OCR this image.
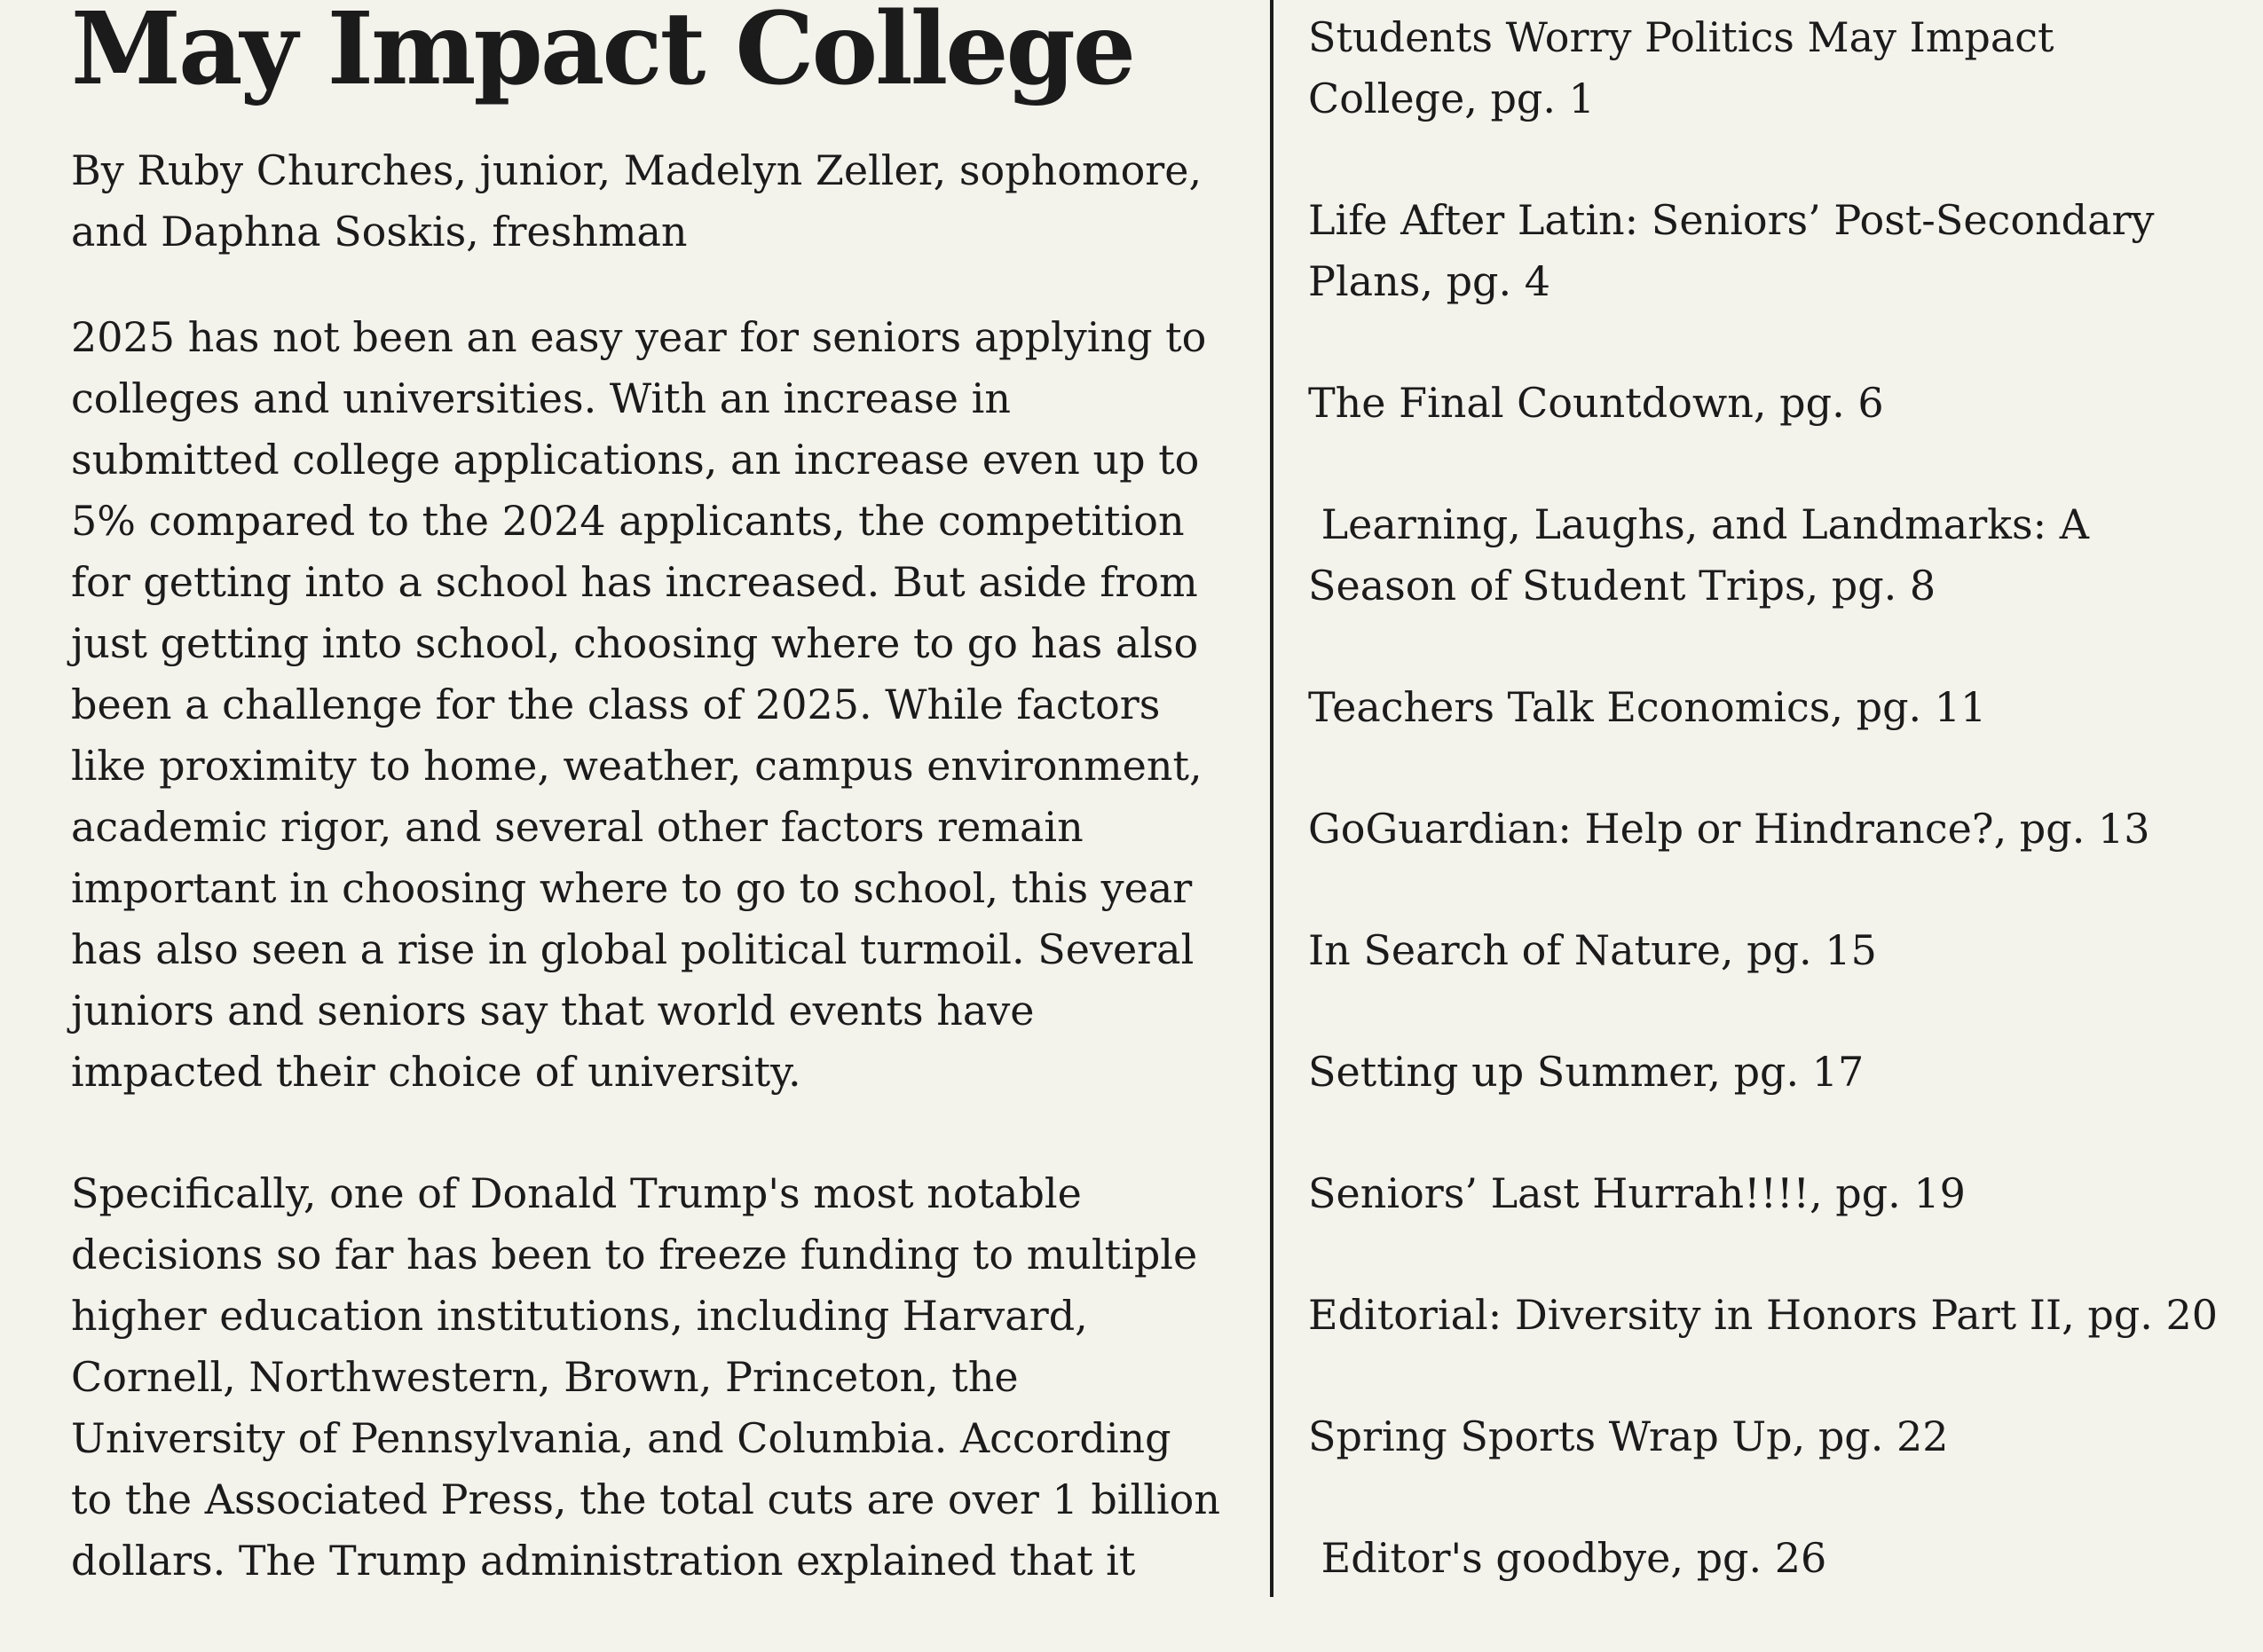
May Impact College

By Ruby Churches, junior, Madelyn Zeller, sophomore, and Daphna Soskis, freshman

2025 has not been an easy year for seniors applying to colleges and universities. With an increase in submitted college applications, an increase even up to 5% compared to the 2024 applicants, the competition for getting into a school has increased. But aside from just getting into school, choosing where to go has also been a challenge for the class of 2025. While factors like proximity to home, weather, campus environment, academic rigor, and several other factors remain important in choosing where to go to school, this year has also seen a rise in global political turmoil. Several juniors and seniors say that world events have impacted their choice of university.

Specifically, one of Donald Trump's most notable decisions so far has been to freeze funding to multiple higher education institutions, including Harvard, Cornell, Northwestern, Brown, Princeton, the University of Pennsylvania, and Columbia. According to the Associated Press, the total cuts are over 1 billion dollars. The Trump administration explained that it

Students Worry Politics May Impact College, pg. 1
Life After Latin: Seniors’ Post-Secondary Plans, pg. 4
The Final Countdown, pg. 6
Learning, Laughs, and Landmarks: A Season of Student Trips, pg. 8
Teachers Talk Economics, pg. 11
GoGuardian: Help or Hindrance?, pg. 13
In Search of Nature, pg. 15
Setting up Summer, pg. 17
Seniors’ Last Hurrah!!!!, pg. 19
Editorial: Diversity in Honors Part II, pg. 20
Spring Sports Wrap Up, pg. 22
Editor's goodbye, pg. 26
